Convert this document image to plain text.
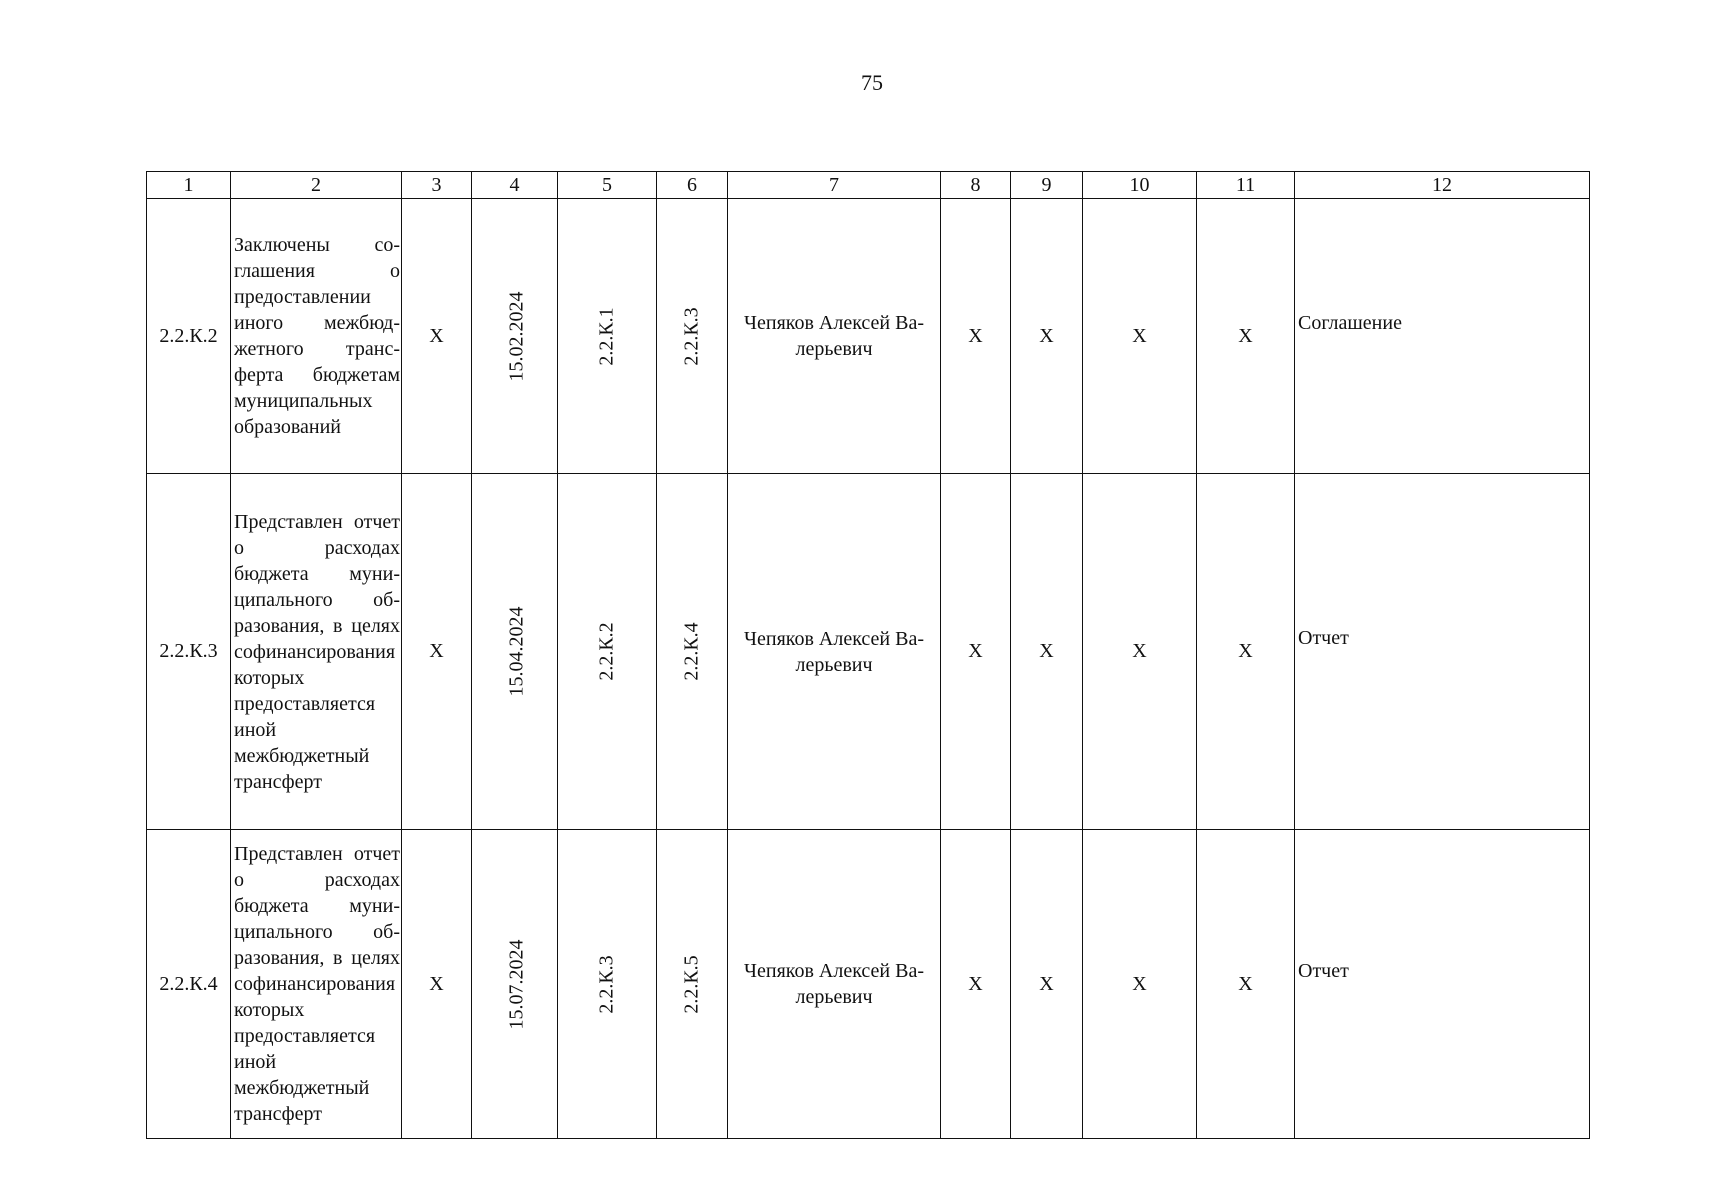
75
1	2	3	4	5	6	7	8	9	10	11	12
2.2.К.2	Заключены соглашения о предоставлении иного межбюджетного трансферта бюджетам муниципальных образований	X	15.02.2024	2.2.К.1	2.2.К.3	Чепяков Алексей Валерьевич	X	X	X	X	Соглашение
2.2.К.3	Представлен отчет о расходах бюджета муниципального образования, в целях софинансирования которых предоставляется иной межбюджетный трансферт	X	15.04.2024	2.2.К.2	2.2.К.4	Чепяков Алексей Валерьевич	X	X	X	X	Отчет
2.2.К.4	Представлен отчет о расходах бюджета муниципального образования, в целях софинансирования которых предоставляется иной межбюджетный трансферт	X	15.07.2024	2.2.К.3	2.2.К.5	Чепяков Алексей Валерьевич	X	X	X	X	Отчет
